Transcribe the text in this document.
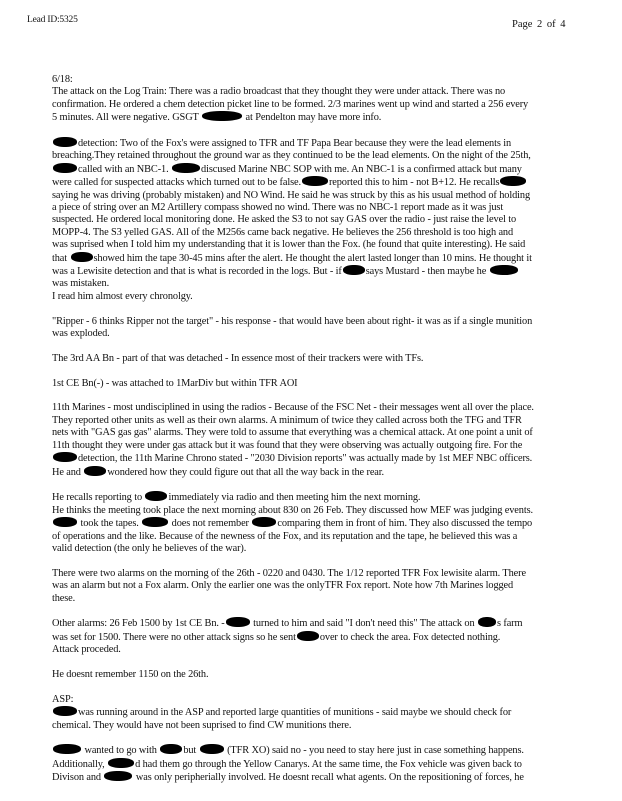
Lead ID:5325	Page 2 of 4
6/18:
The attack on the Log Train: There was a radio broadcast that they thought they were under attack. There was no
confirmation. He ordered a chem detection picket line to be formed. 2/3 marines went up wind and started a 256 every
5 minutes. All were negative. GSGT	at Pendelton may have more info.
detection: Two of the Fox's were assigned to TFR and TF Papa Bear because they were the lead elements in
breaching.They retained throughout the ground war as they continued to be the lead elements. On the night of the 25th,
called with an NBC-1.	discused Marine NBC SOP with me. An NBC-1 is a confirmed attack but many
were called for suspected attacks which turned out to be false.	reported this to him - not B+12. He recalls
saying he was driving (probably mistaken) and NO Wind. He said he was struck by this as his usual method of holding
a piece of string over an M2 Artillery compass showed no wind. There was no NBC-1 report made as it was just
suspected. He ordered local monitoring done. He asked the S3 to not say GAS over the radio - just raise the level to
MOPP-4. The S3 yelled GAS. All of the M256s came back negative. He believes the 256 threshold is too high and
was suprised when I told him my understanding that it is lower than the Fox. (he found that quite interesting). He said
that showed him the tape 30-45 mins after the alert. He thought the alert lasted longer than 10 mins. He thought it
was a Lewisite detection and that is what is recorded in the logs. But - if says Mustard - then maybe he
was mistaken.
I read him almost every chronolgy.
"Ripper - 6 thinks Ripper not the target" - his response - that would have been about right- it was as if a single munition
was exploded.
The 3rd AA Bn - part of that was detached - In essence most of their trackers were with TFs.
1st CE Bn(-) - was attached to 1MarDiv but within TFR AOI
11th Marines - most undisciplined in using the radios - Because of the FSC Net - their messages went all over the place.
They reported other units as well as their own alarms. A minimum of twice they called across both the TFG and TFR
nets with "GAS gas gas" alarms. They were told to assume that everything was a chemical attack. At one point a unit of
11th thought they were under gas attack but it was found that they were observing was actually outgoing fire. For the
detection, the 11th Marine Chrono stated - "2030 Division reports" was actually made by 1st MEF NBC officers.
He and wondered how they could figure out that all the way back in the rear.
He recalls reporting to immediately via radio and then meeting him the next morning.
He thinks the meeting took place the next morning about 830 on 26 Feb. They discussed how MEF was judging events.
took the tapes.	does not remember	comparing them in front of him. They also discussed the tempo
of operations and the like. Because of the newness of the Fox, and its reputation and the tape, he believed this was a
valid detection (the only he believes of the war).
There were two alarms on the morning of the 26th - 0220 and 0430. The 1/12 reported TFR Fox lewisite alarm. There
was an alarm but not a Fox alarm. Only the earlier one was the onlyTFR Fox report. Note how 7th Marines logged
these.
Other alarms: 26 Feb 1500 by 1st CE Bn. -	turned to him and said "I don't need this" The attack on s farm
was set for 1500. There were no other attack signs so he sent over to check the area. Fox detected nothing.
Attack proceded.
He doesnt remember 1150 on the 26th.
ASP:
was running around in the ASP and reported large quantities of munitions - said maybe we should check for
chemical. They would have not been suprised to find CW munitions there.
wanted to go with but	(TFR XO) said no - you need to stay here just in case something happens.
Additionally,	d had them go through the Yellow Canarys. At the same time, the Fox vehicle was given back to
Divison and	was only peripherially involved. He doesnt recall what agents. On the repositioning of forces, he
